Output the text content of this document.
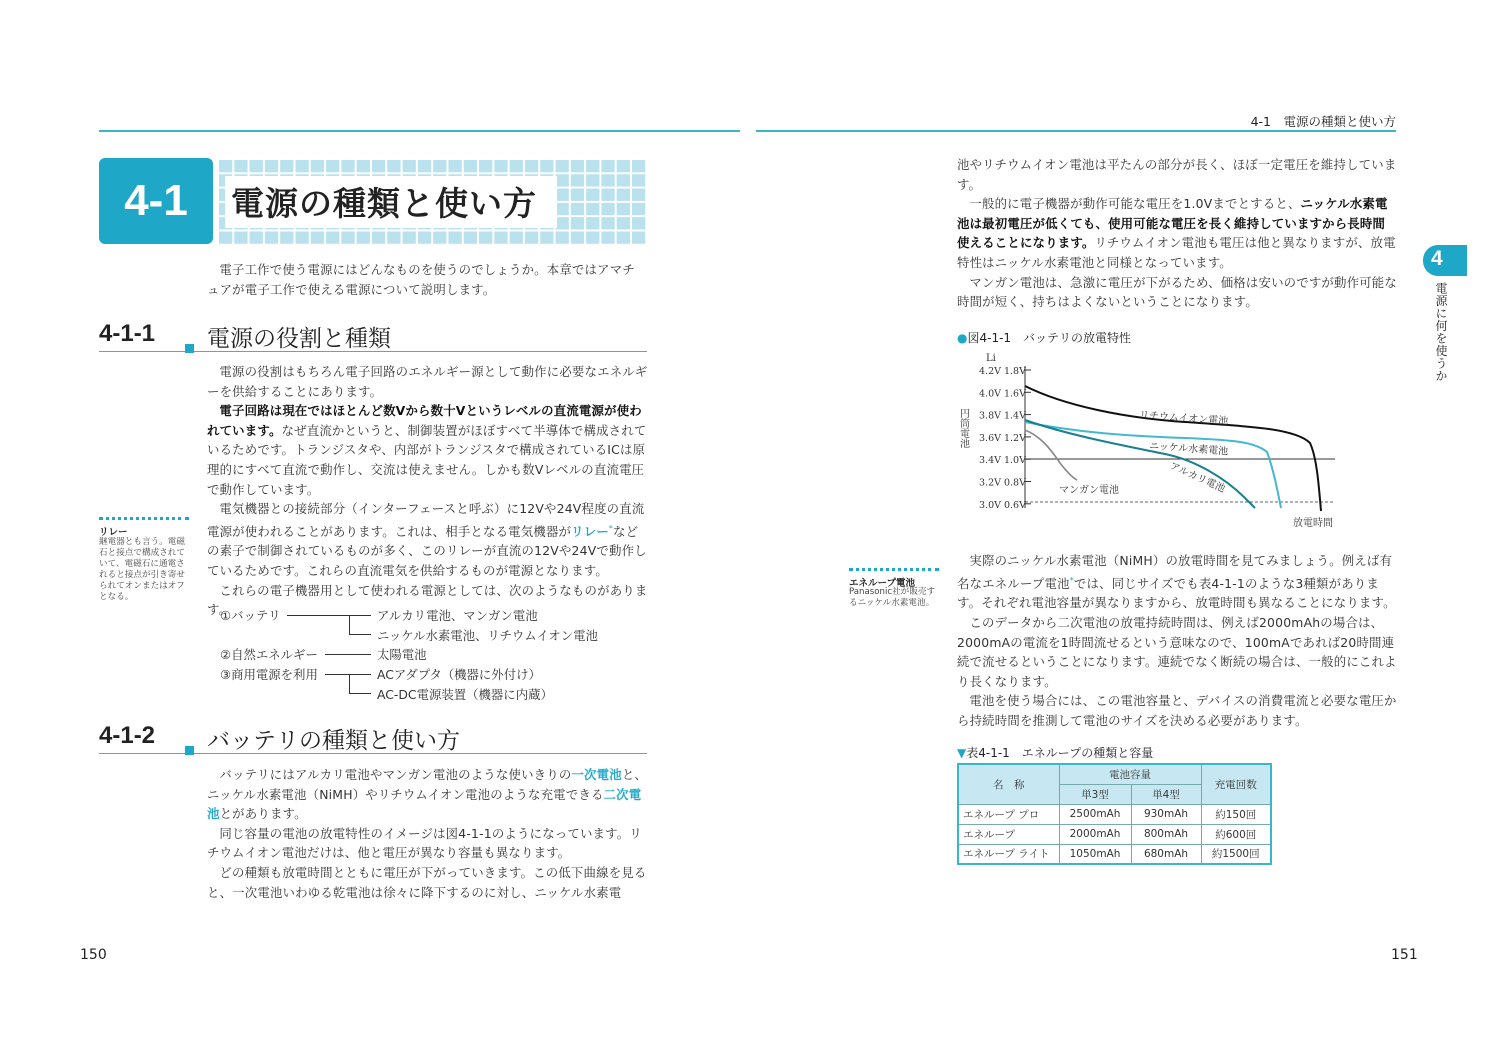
4-1　電源の種類と使い方
4-1	電源の種類と使い方
電子工作で使う電源にはどんなものを使うのでしょうか。本章ではアマチュアが電子工作で使える電源について説明します。
4-1-1 電源の役割と種類
電源の役割はもちろん電子回路のエネルギー源として動作に必要なエネルギーを供給することにあります。
電子回路は現在ではほとんど数Vから数十Vというレベルの直流電源が使われています。なぜ直流かというと、制御装置がほぼすべて半導体で構成されているためです。トランジスタや、内部がトランジスタで構成されているICは原理的にすべて直流で動作し、交流は使えません。しかも数Vレベルの直流電圧で動作しています。
電気機器との接続部分（インターフェースと呼ぶ）に12Vや24V程度の直流電源が使われることがあります。これは、相手となる電気機器がリレー*などの素子で制御されているものが多く、このリレーが直流の12Vや24Vで動作しているためです。これらの直流電気を供給するものが電源となります。
これらの電子機器用として使われる電源としては、次のようなものがあります。
リレー
継電器とも言う。電磁石と接点で構成されていて、電磁石に通電されると接点が引き寄せられてオンまたはオフとなる。
①バッテリ	アルカリ電池、マンガン電池
ニッケル水素電池、リチウムイオン電池
②自然エネルギー	太陽電池
③商用電源を利用	ACアダプタ（機器に外付け）
AC-DC電源装置（機器に内蔵）
4-1-2 バッテリの種類と使い方
バッテリにはアルカリ電池やマンガン電池のような使いきりの一次電池と、ニッケル水素電池（NiMH）やリチウムイオン電池のような充電できる二次電池とがあります。
同じ容量の電池の放電特性のイメージは図4-1-1のようになっています。リチウムイオン電池だけは、他と電圧が異なり容量も異なります。
どの種類も放電時間とともに電圧が下がっていきます。この低下曲線を見ると、一次電池いわゆる乾電池は徐々に降下するのに対し、ニッケル水素電
150
池やリチウムイオン電池は平たんの部分が長く、ほぼ一定電圧を維持しています。
一般的に電子機器が動作可能な電圧を1.0Vまでとすると、ニッケル水素電池は最初電圧が低くても、使用可能な電圧を長く維持していますから長時間使えることになります。リチウムイオン電池も電圧は他と異なりますが、放電特性はニッケル水素電池と同様となっています。
マンガン電池は、急激に電圧が下がるため、価格は安いのですが動作可能な時間が短く、持ちはよくないということになります。
4
電源に何を使うか
●図4-1-1　バッテリの放電特性
Li
4.2V 1.8V
4.0V 1.6V
3.8V 1.4V
3.6V 1.2V
3.4V 1.0V
3.2V 0.8V
3.0V 0.6V
円筒電池	リチウムイオン電池
ニッケル水素電池
アルカリ電池
マンガン電池
放電時間
エネループ電池
Panasonic社が販売するニッケル水素電池。
実際のニッケル水素電池（NiMH）の放電時間を見てみましょう。例えば有名なエネループ電池*では、同じサイズでも表4-1-1のような3種類があります。それぞれ電池容量が異なりますから、放電時間も異なることになります。
このデータから二次電池の放電持続時間は、例えば2000mAhの場合は、2000mAの電流を1時間流せるという意味なので、100mAであれば20時間連続で流せるということになります。連続でなく断続の場合は、一般的にこれより長くなります。
電池を使う場合には、この電池容量と、デバイスの消費電流と必要な電圧から持続時間を推測して電池のサイズを決める必要があります。
▼表4-1-1　エネループの種類と容量
名　称	電池容量		充電回数
	単3型	単4型	
エネループ プロ	2500mAh	930mAh	約150回
エネループ	2000mAh	800mAh	約600回
エネループ ライト	1050mAh	680mAh	約1500回
151
